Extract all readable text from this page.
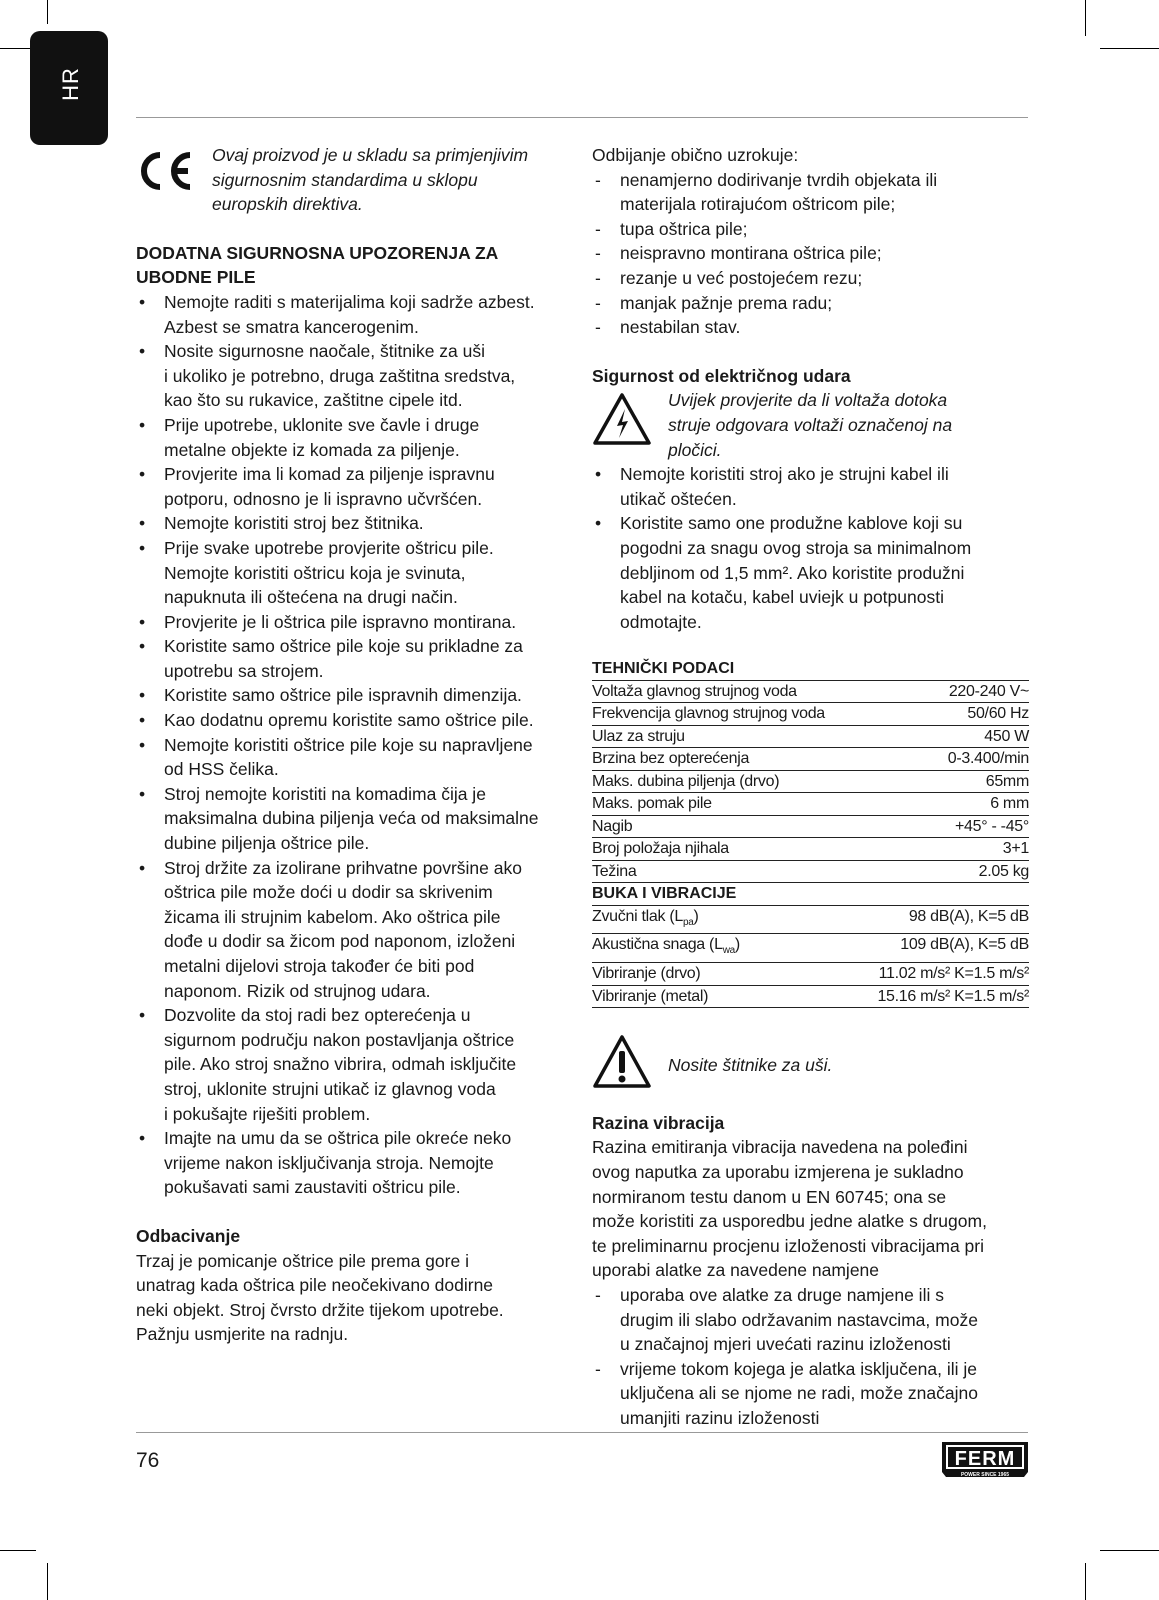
HR

Ovaj proizvod je u skladu sa primjenjivim

sigurnosnim standardima u sklopu

europskih direktiva.

DODATNA SIGURNOSNA UPOZORENJA ZA

UBODNE PILE

• Nemojte raditi s materijalima koji sadrže azbest.

Azbest se smatra kancerogenim.

• Nosite sigurnosne naočale, štitnike za uši

i ukoliko je potrebno, druga zaštitna sredstva,

kao što su rukavice, zaštitne cipele itd.

• Prije upotrebe, uklonite sve čavle i druge

metalne objekte iz komada za piljenje.

• Provjerite ima li komad za piljenje ispravnu

potporu, odnosno je li ispravno učvršćen.

• Nemojte koristiti stroj bez štitnika.

• Prije svake upotrebe provjerite oštricu pile.

Nemojte koristiti oštricu koja je svinuta,

napuknuta ili oštećena na drugi način.

• Provjerite je li oštrica pile ispravno montirana.

• Koristite samo oštrice pile koje su prikladne za

upotrebu sa strojem.

• Koristite samo oštrice pile ispravnih dimenzija.

• Kao dodatnu opremu koristite samo oštrice pile.

• Nemojte koristiti oštrice pile koje su napravljene

od HSS čelika.

• Stroj nemojte koristiti na komadima čija je

maksimalna dubina piljenja veća od maksimalne

dubine piljenja oštrice pile.

• Stroj držite za izolirane prihvatne površine ako

oštrica pile može doći u dodir sa skrivenim

žicama ili strujnim kabelom. Ako oštrica pile

dođe u dodir sa žicom pod naponom, izloženi

metalni dijelovi stroja također će biti pod

naponom. Rizik od strujnog udara.

• Dozvolite da stoj radi bez opterećenja u

sigurnom području nakon postavljanja oštrice

pile. Ako stroj snažno vibrira, odmah isključite

stroj, uklonite strujni utikač iz glavnog voda

i pokušajte riješiti problem.

• Imajte na umu da se oštrica pile okreće neko

vrijeme nakon isključivanja stroja. Nemojte

pokušavati sami zaustaviti oštricu pile.

Odbacivanje

Trzaj je pomicanje oštrice pile prema gore i

unatrag kada oštrica pile neočekivano dodirne

neki objekt. Stroj čvrsto držite tijekom upotrebe.

Pažnju usmjerite na radnju.

Odbijanje obično uzrokuje:

- nenamjerno dodirivanje tvrdih objekata ili

materijala rotirajućom oštricom pile;

- tupa oštrica pile;

- neispravno montirana oštrica pile;

- rezanje u već postojećem rezu;

- manjak pažnje prema radu;

- nestabilan stav.

Sigurnost od električnog udara

Uvijek provjerite da li voltaža dotoka

struje odgovara voltaži označenoj na

pločici.

• Nemojte koristiti stroj ako je strujni kabel ili

utikač oštećen.

• Koristite samo one produžne kablove koji su

pogodni za snagu ovog stroja sa minimalnom

debljinom od 1,5 mm². Ako koristite produžni

kabel na kotaču, kabel uviejk u potpunosti

odmotajte.

TEHNIČKI PODACI
Voltaža glavnog strujnog voda	220-240 V~
Frekvencija glavnog strujnog voda	50/60 Hz
Ulaz za struju	450 W
Brzina bez opterećenja	0-3.400/min
Maks. dubina piljenja (drvo)	65mm
Maks. pomak pile	6 mm
Nagib	+45° - -45°
Broj položaja njihala	3+1
Težina	2.05 kg
BUKA I VIBRACIJE
Zvučni tlak $(L_{pa})$	98 dB(A), K=5 dB
Akustična snaga $(L_{wa})$	109 dB(A), K=5 dB
Vibriranje (drvo)	11.02 m/s² K=1.5 m/s²
Vibriranje (metal)	15.16 m/s² K=1.5 m/s²

Nosite štitnike za uši.

Razina vibracija

Razina emitiranja vibracija navedena na poleđini

ovog naputka za uporabu izmjerena je sukladno

normiranom testu danom u EN 60745; ona se

može koristiti za usporedbu jedne alatke s drugom,

te preliminarnu procjenu izloženosti vibracijama pri

uporabi alatke za navedene namjene

- uporaba ove alatke za druge namjene ili s

drugim ili slabo održavanim nastavcima, može

u značajnoj mjeri uvećati razinu izloženosti

- vrijeme tokom kojega je alatka isključena, ili je

uključena ali se njome ne radi, može značajno

umanjiti razinu izloženosti

76	FERM
POWER SINCE 1965
